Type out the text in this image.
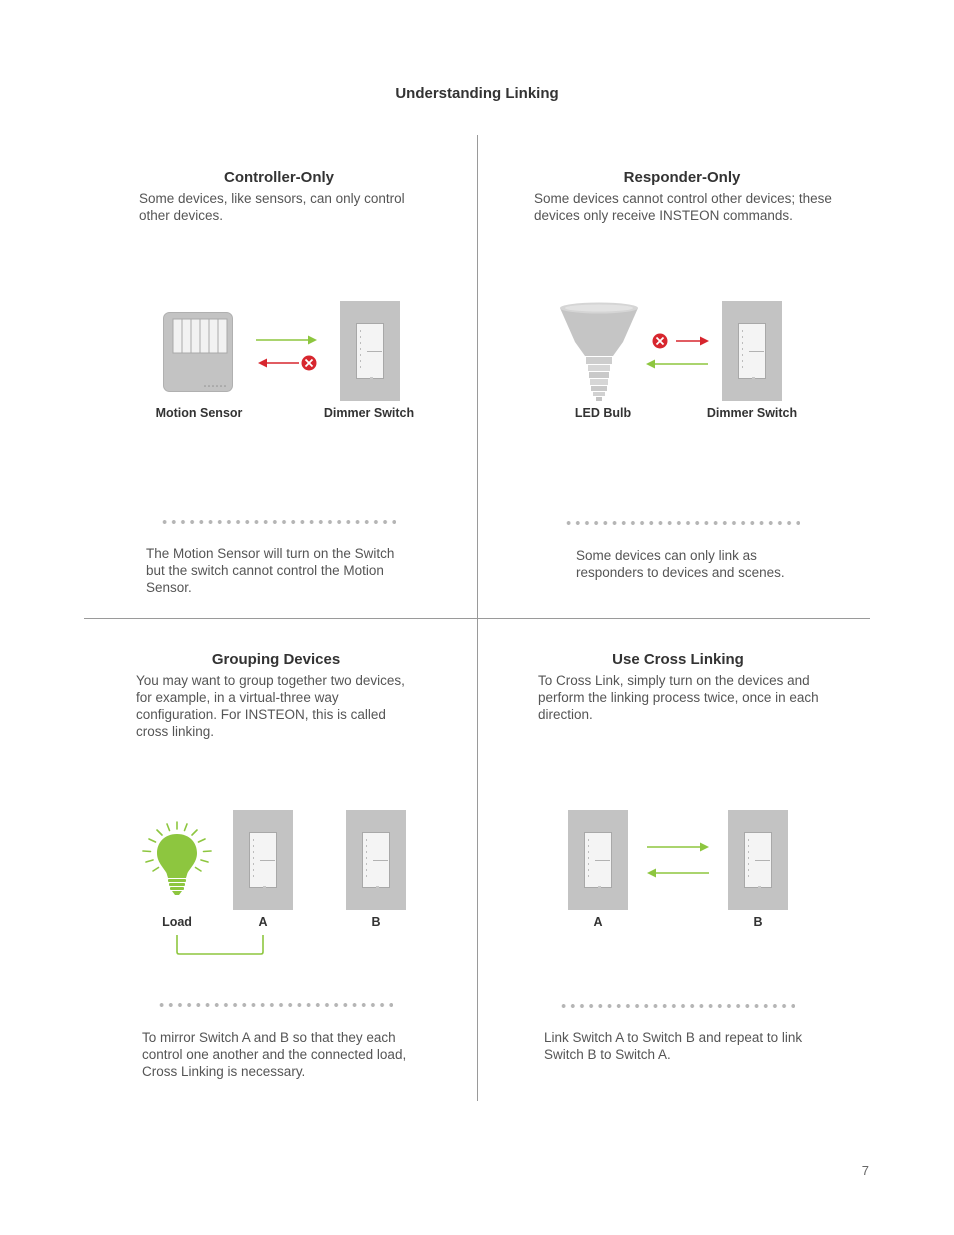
Understanding Linking
Controller-Only
Some devices, like sensors, can only control other devices.
Motion Sensor	Dimmer Switch
The Motion Sensor will turn on the Switch but the switch cannot control the Motion Sensor.
Responder-Only
Some devices cannot control other devices; these devices only receive INSTEON commands.
LED Bulb	Dimmer Switch
Some devices can only link as responders to devices and scenes.
Grouping Devices
You may want to group together two devices, for example, in a virtual-three way configuration. For INSTEON, this is called cross linking.
Load	A	B
To mirror Switch A and B so that they each control one another and the connected load, Cross Linking is necessary.
Use Cross Linking
To Cross Link, simply turn on the devices and perform the linking process twice, once in each direction.
A	B
Link Switch A to Switch B and repeat to link Switch B to Switch A.
7
